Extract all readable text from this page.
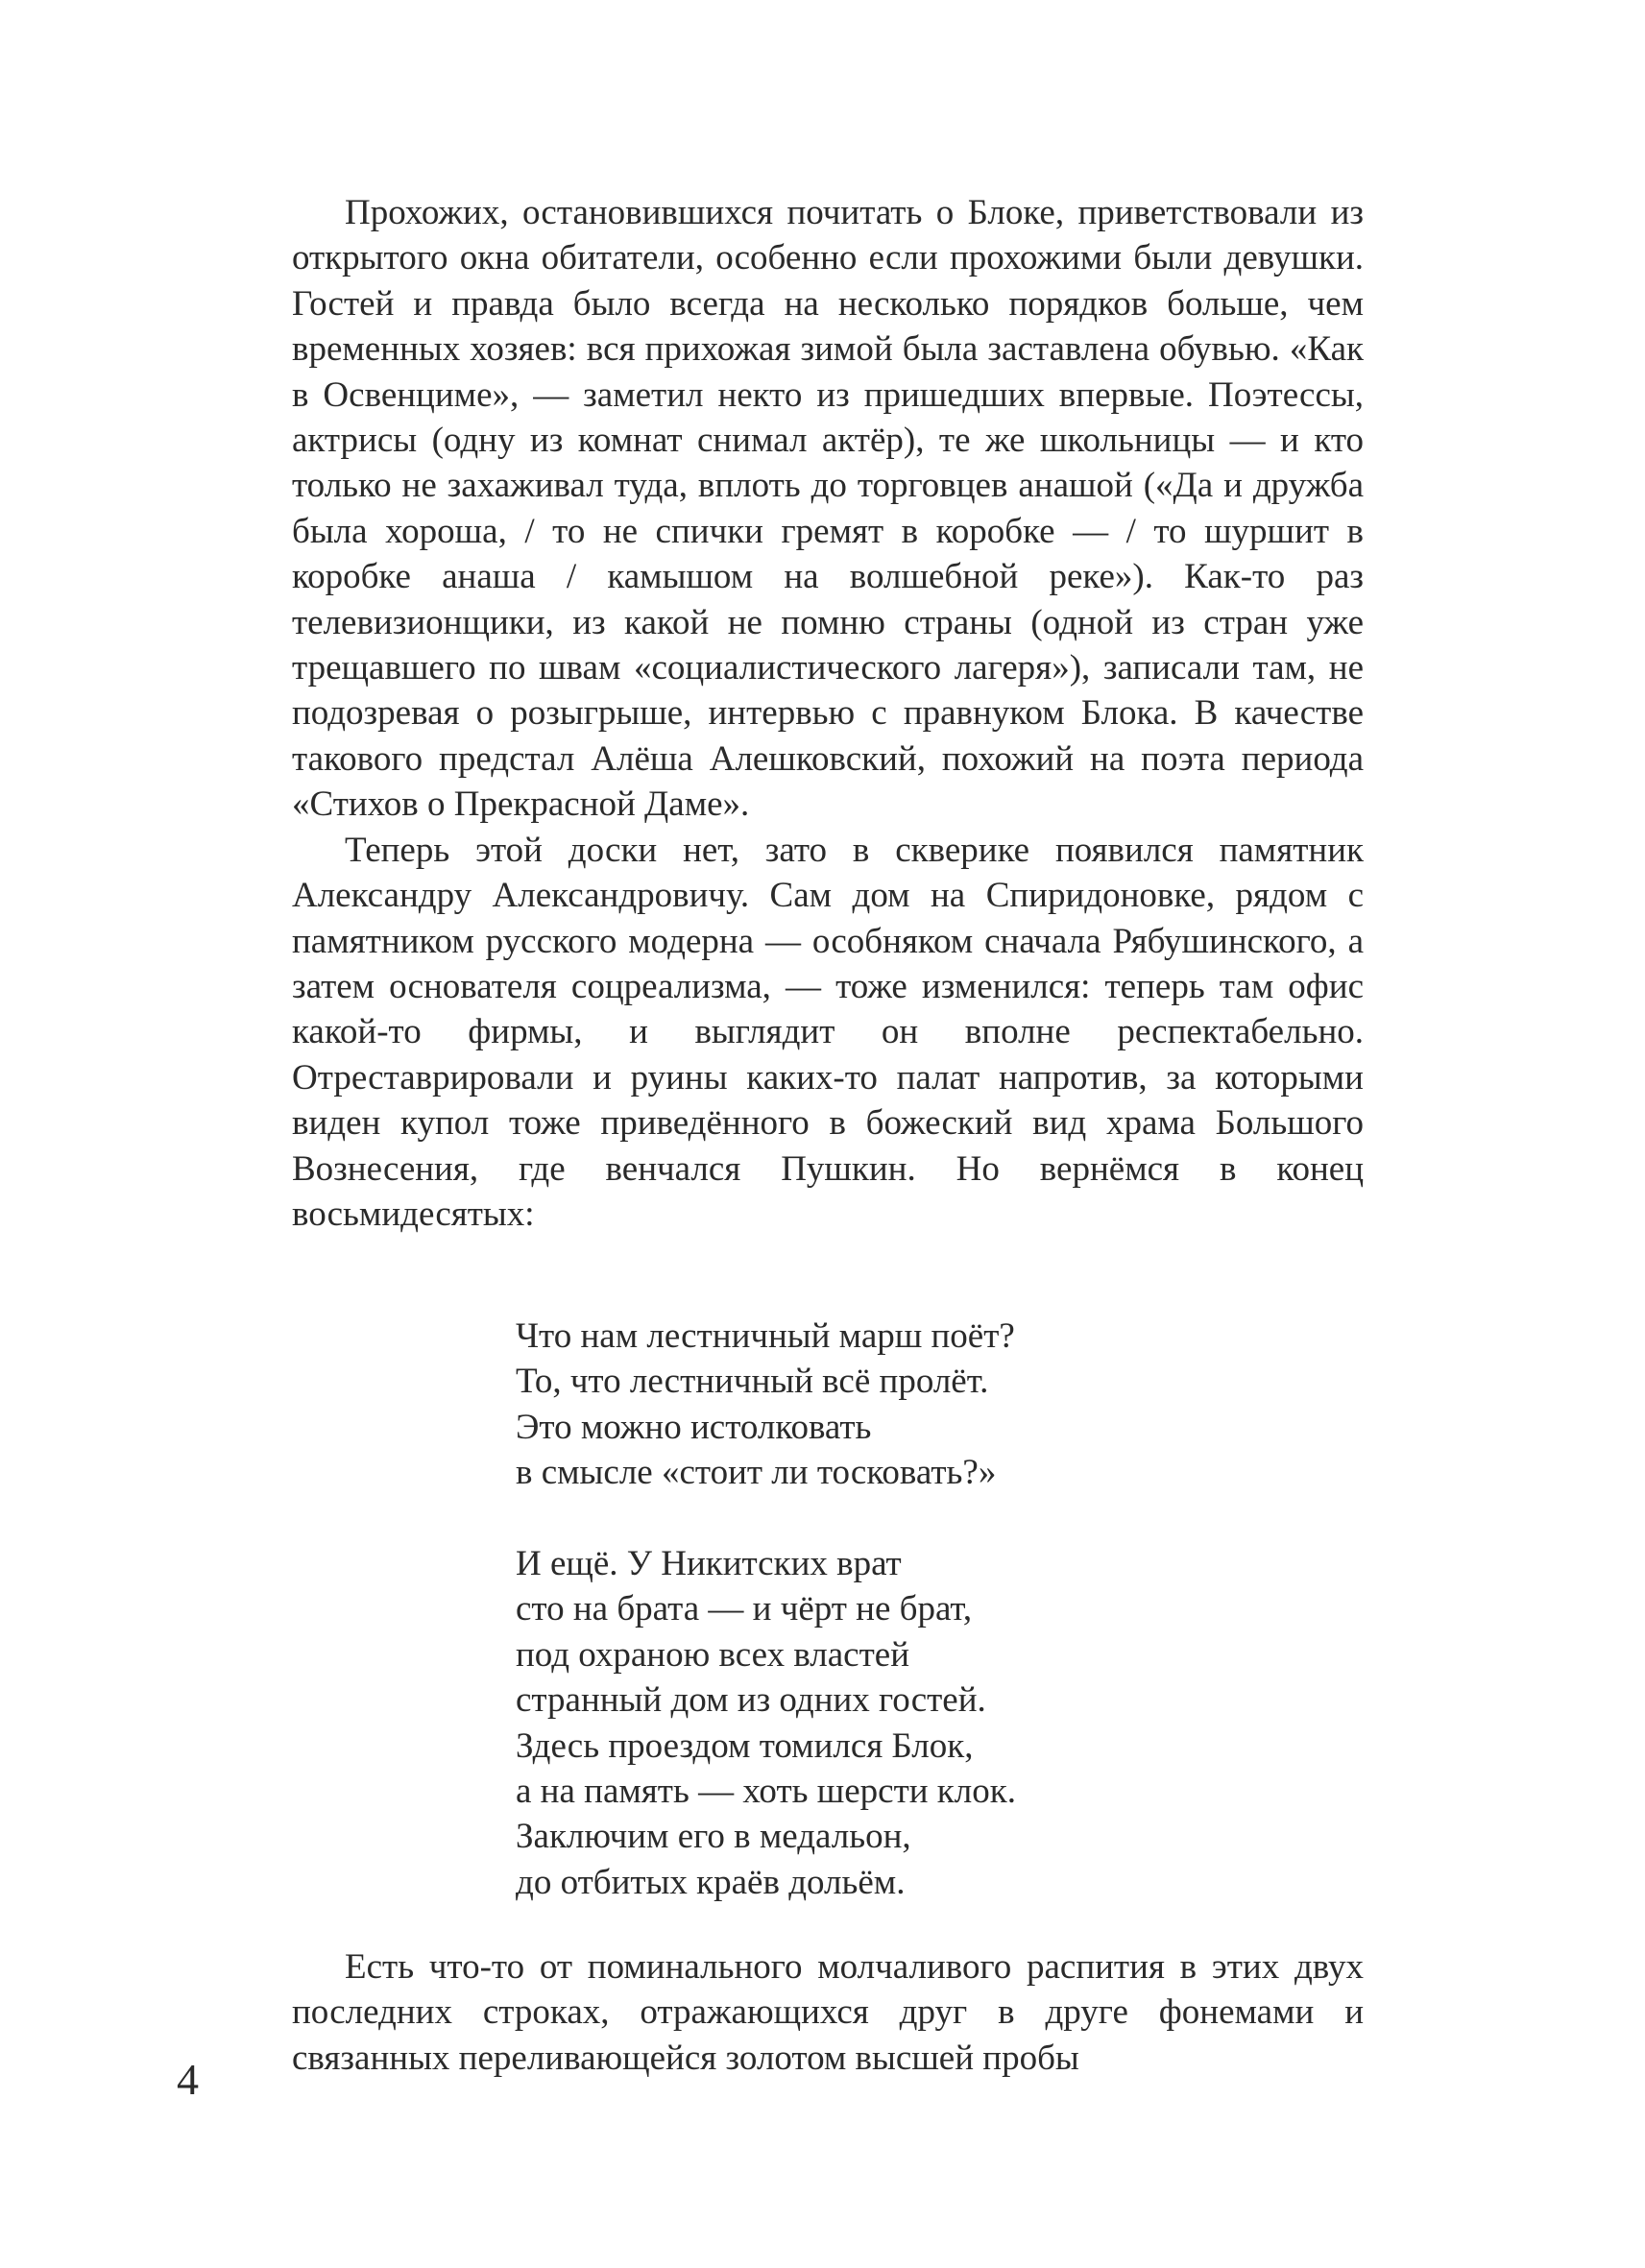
Прохожих, остановившихся почитать о Блоке, приветствовали из открытого окна обитатели, особенно если прохожими были девушки. Гостей и правда было всегда на несколько порядков больше, чем временных хозяев: вся прихожая зимой была заставлена обувью. «Как в Освенциме», — заметил некто из пришедших впервые. Поэтессы, актрисы (одну из комнат снимал актёр), те же школьницы — и кто только не захаживал туда, вплоть до торговцев анашой («Да и дружба была хороша, / то не спички гремят в коробке — / то шуршит в коробке анаша / камышом на волшебной реке»). Как-то раз телевизионщики, из какой не помню страны (одной из стран уже трещавшего по швам «социалистического лагеря»), записали там, не подозревая о розыгрыше, интервью с правнуком Блока. В качестве такового предстал Алёша Алешковский, похожий на поэта периода «Стихов о Прекрасной Даме».

Теперь этой доски нет, зато в скверике появился памятник Александру Александровичу. Сам дом на Спиридоновке, рядом с памятником русского модерна — особняком сначала Рябушинского, а затем основателя соцреализма, — тоже изменился: теперь там офис какой-то фирмы, и выглядит он вполне респектабельно. Отреставрировали и руины каких-то палат напротив, за которыми виден купол тоже приведённого в божеский вид храма Большого Вознесения, где венчался Пушкин. Но вернёмся в конец восьмидесятых:

Что нам лестничный марш поёт?
То, что лестничный всё пролёт.
Это можно истолковать
в смысле «стоит ли тосковать?»
И ещё. У Никитских врат
сто на брата — и чёрт не брат,
под охраною всех властей
странный дом из одних гостей.
Здесь проездом томился Блок,
а на память — хоть шерсти клок.
Заключим его в медальон,
до отбитых краёв дольём.

Есть что-то от поминального молчаливого распития в этих двух последних строках, отражающихся друг в друге фонемами и связанных переливающейся золотом высшей пробы

4
